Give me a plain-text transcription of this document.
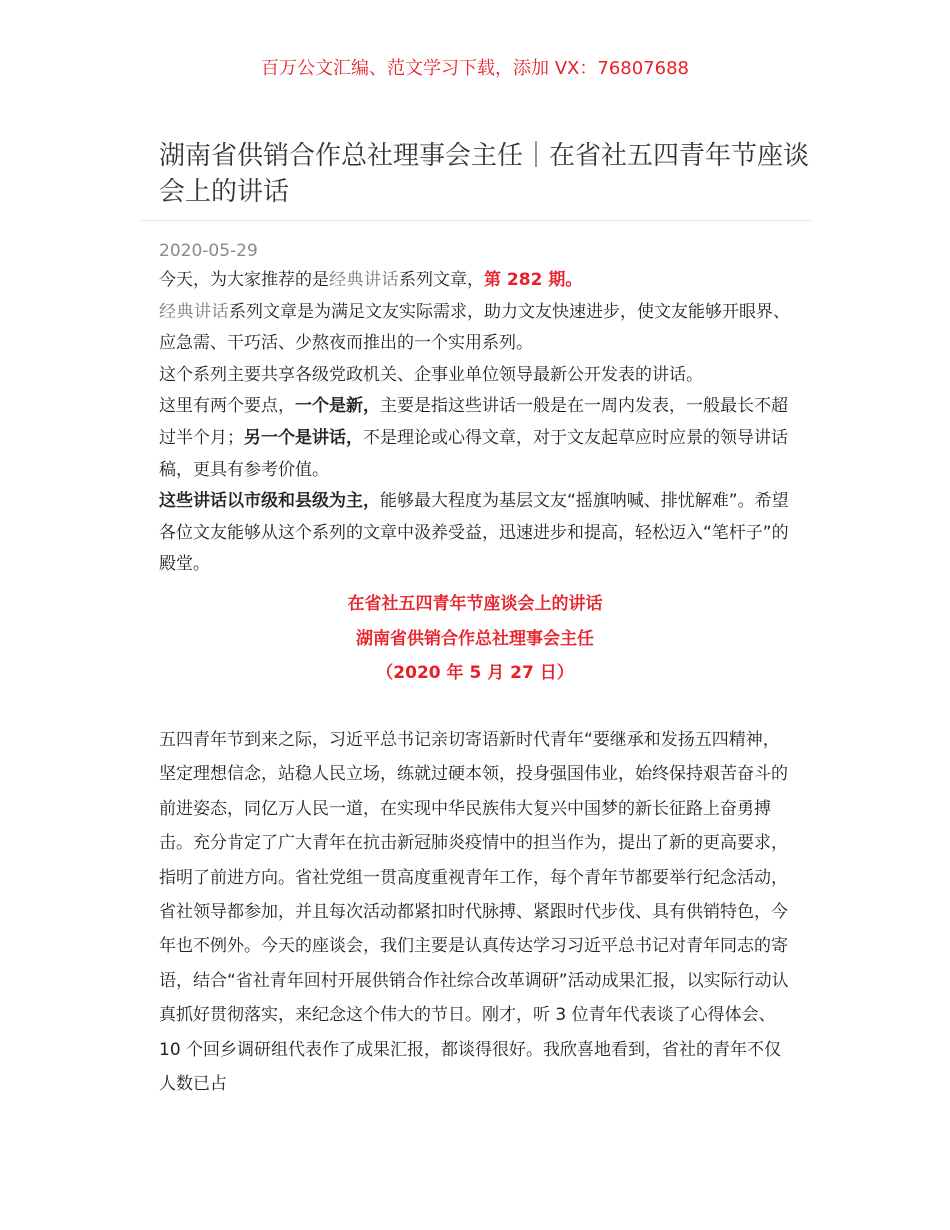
百万公文汇编、范文学习下载，添加 VX：76807688
湖南省供销合作总社理事会主任｜在省社五四青年节座谈会上的讲话
2020-05-29

今天，为大家推荐的是经典讲话系列文章，第 282 期。

经典讲话系列文章是为满足文友实际需求，助力文友快速进步，使文友能够开眼界、应急需、干巧活、少熬夜而推出的一个实用系列。

这个系列主要共享各级党政机关、企事业单位领导最新公开发表的讲话。

这里有两个要点，一个是新，主要是指这些讲话一般是在一周内发表，一般最长不超过半个月；另一个是讲话，不是理论或心得文章，对于文友起草应时应景的领导讲话稿，更具有参考价值。

这些讲话以市级和县级为主，能够最大程度为基层文友“摇旗呐喊、排忧解难”。希望各位文友能够从这个系列的文章中汲养受益，迅速进步和提高，轻松迈入“笔杆子”的殿堂。

在省社五四青年节座谈会上的讲话

湖南省供销合作总社理事会主任

（2020 年 5 月 27 日）

五四青年节到来之际，习近平总书记亲切寄语新时代青年“要继承和发扬五四精神，坚定理想信念，站稳人民立场，练就过硬本领，投身强国伟业，始终保持艰苦奋斗的前进姿态，同亿万人民一道，在实现中华民族伟大复兴中国梦的新长征路上奋勇搏击。充分肯定了广大青年在抗击新冠肺炎疫情中的担当作为，提出了新的更高要求，指明了前进方向。省社党组一贯高度重视青年工作，每个青年节都要举行纪念活动，省社领导都参加，并且每次活动都紧扣时代脉搏、紧跟时代步伐、具有供销特色，今年也不例外。今天的座谈会，我们主要是认真传达学习习近平总书记对青年同志的寄语，结合“省社青年回村开展供销合作社综合改革调研”活动成果汇报，以实际行动认真抓好贯彻落实，来纪念这个伟大的节日。刚才，听 3 位青年代表谈了心得体会、10 个回乡调研组代表作了成果汇报，都谈得很好。我欣喜地看到，省社的青年不仅人数已占
